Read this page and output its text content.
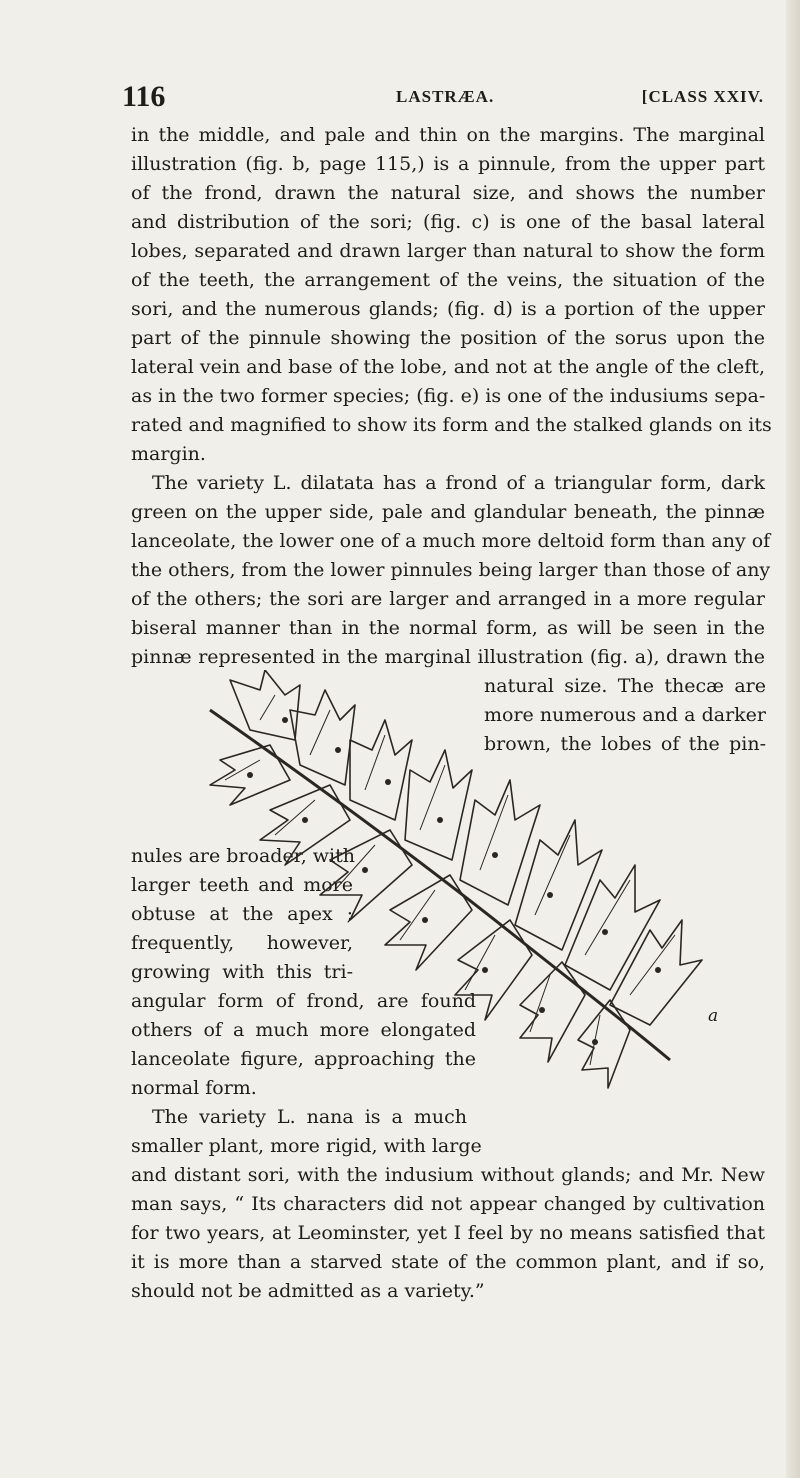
116	LASTRÆA.	[CLASS XXIV.
in the middle, and pale and thin on the margins. The marginal
illustration (fig. b, page 115,) is a pinnule, from the upper part
of the frond, drawn the natural size, and shows the number
and distribution of the sori; (fig. c) is one of the basal lateral
lobes, separated and drawn larger than natural to show the form
of the teeth, the arrangement of the veins, the situation of the
sori, and the numerous glands; (fig. d) is a portion of the upper
part of the pinnule showing the position of the sorus upon the
lateral vein and base of the lobe, and not at the angle of the cleft,
as in the two former species; (fig. e) is one of the indusiums sepa-
rated and magnified to show its form and the stalked glands on its
margin.
The variety L. dilatata has a frond of a triangular form, dark
green on the upper side, pale and glandular beneath, the pinnæ
lanceolate, the lower one of a much more deltoid form than any of
the others, from the lower pinnules being larger than those of any
of the others; the sori are larger and arranged in a more regular
biseral manner than in the normal form, as will be seen in the
pinnæ represented in the marginal illustration (fig. a), drawn the
natural size. The thecæ are
more numerous and a darker
brown, the lobes of the pin-
nules are broader, with
larger teeth and more
obtuse at the apex ;
frequently, however,
growing with this tri-
angular form of frond, are found
others of a much more elongated
lanceolate figure, approaching the
normal form.
The variety L. nana is a much
smaller plant, more rigid, with large
and distant sori, with the indusium without glands; and Mr. New
man says, “ Its characters did not appear changed by cultivation
for two years, at Leominster, yet I feel by no means satisfied that
it is more than a starved state of the common plant, and if so,
should not be admitted as a variety.”
a
